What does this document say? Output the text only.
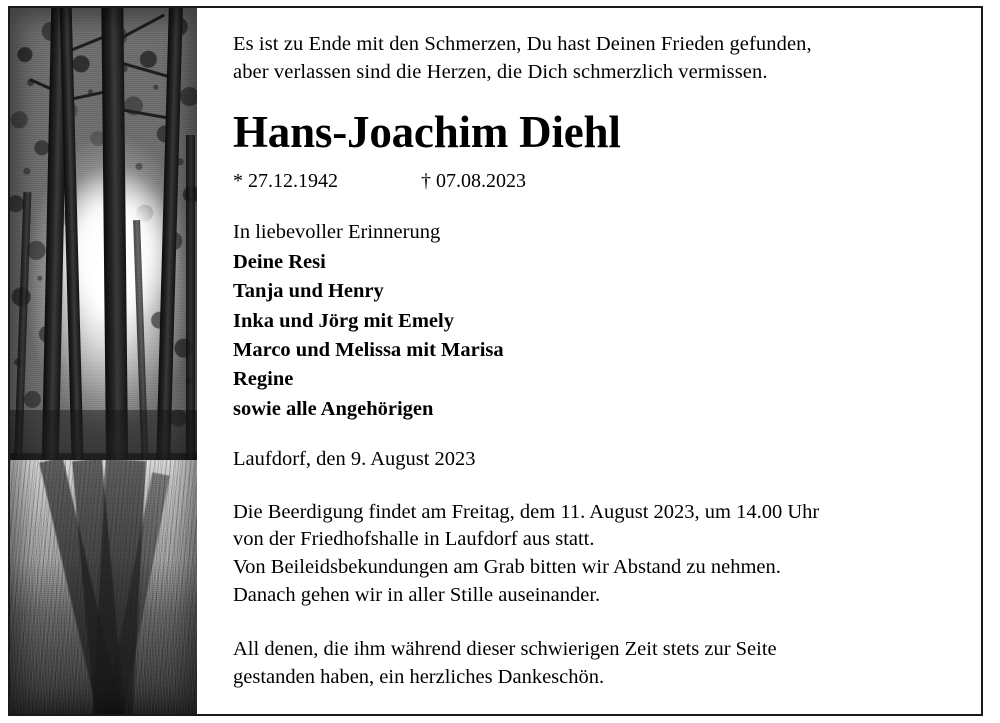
Es ist zu Ende mit den Schmerzen, Du hast Deinen Frieden gefunden,
aber verlassen sind die Herzen, die Dich schmerzlich vermissen.

Hans-Joachim Diehl
* 27.12.1942	† 07.08.2023

In liebevoller Erinnerung

Deine Resi
Tanja und Henry
Inka und Jörg mit Emely
Marco und Melissa mit Marisa
Regine
sowie alle Angehörigen

Laufdorf, den 9. August 2023

Die Beerdigung findet am Freitag, dem 11. August 2023, um 14.00 Uhr
von der Friedhofshalle in Laufdorf aus statt.
Von Beileidsbekundungen am Grab bitten wir Abstand zu nehmen.
Danach gehen wir in aller Stille auseinander.

All denen, die ihm während dieser schwierigen Zeit stets zur Seite
gestanden haben, ein herzliches Dankeschön.
